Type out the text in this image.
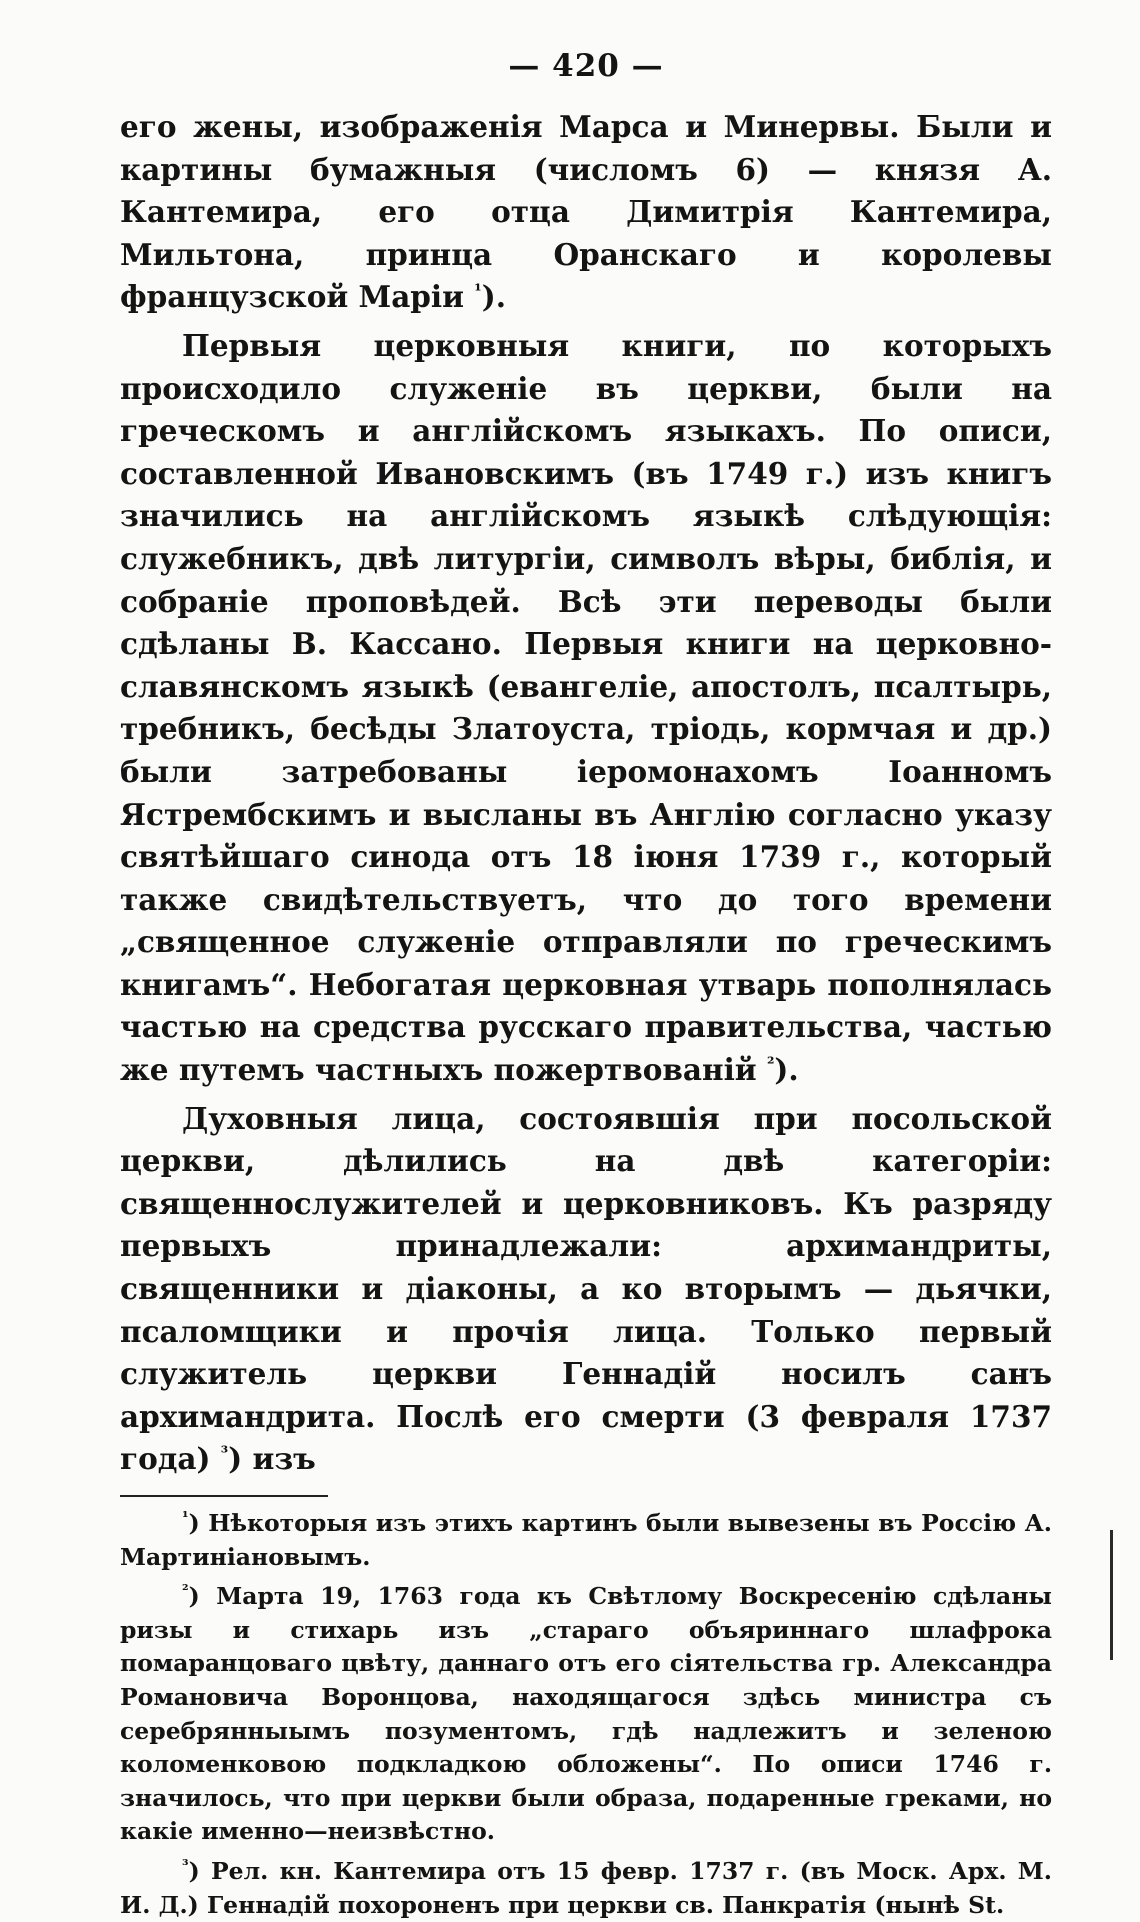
— 420 —

его жены, изображенія Марса и Минервы. Были и картины бумажныя (числомъ 6) — князя А. Кантемира, его отца Димитрія Кантемира, Мильтона, принца Оранскаго и королевы французской Маріи $^{^1}$).

Первыя церковныя книги, по которыхъ происходило служеніе въ церкви, были на греческомъ и англійскомъ языкахъ. По описи, составленной Ивановскимъ (въ 1749 г.) изъ книгъ значились на англійскомъ языкѣ слѣдующія: служебникъ, двѣ литургіи, символъ вѣры, библія, и собраніе проповѣдей. Всѣ эти переводы были сдѣланы В. Кассано. Первыя книги на церковно-славянскомъ языкѣ (евангеліе, апостолъ, псалтырь, требникъ, бесѣды Златоуста, тріодь, кормчая и др.) были затребованы іеромонахомъ Іоанномъ Ястрембскимъ и высланы въ Англію согласно указу святѣйшаго синода отъ 18 іюня 1739 г., который также свидѣтельствуетъ, что до того времени „священное служеніе отправляли по греческимъ книгамъ“. Небогатая церковная утварь пополнялась частью на средства русскаго правительства, частью же путемъ частныхъ пожертвованій $^{^2}$).

Духовныя лица, состоявшія при посольской церкви, дѣлились на двѣ категоріи: священнослужителей и церковниковъ. Къ разряду первыхъ принадлежали: архимандриты, священники и діаконы, а ко вторымъ — дьячки, псаломщики и прочія лица. Только первый служитель церкви Геннадій носилъ санъ архимандрита. Послѣ его смерти (3 февраля 1737 года) $^{^3}$) изъ

$^{^1}$) Нѣкоторыя изъ этихъ картинъ были вывезены въ Россію А. Мартиніановымъ.

$^{^2}$) Марта 19, 1763 года къ Свѣтлому Воскресенію сдѣланы ризы и стихарь изъ „стараго объяриннаго шлафрока помаранцоваго цвѣту, даннаго отъ его сіятельства гр. Александра Романовича Воронцова, находящагося здѣсь министра съ серебрянныымъ позументомъ, гдѣ надлежитъ и зеленою коломенковою подкладкою обложены“. По описи 1746 г. значилось, что при церкви были образа, подаренные греками, но какіе именно—неизвѣстно.

$^{^3}$) Рел. кн. Кантемира отъ 15 февр. 1737 г. (въ Моск. Арх. М. И. Д.) Геннадій похороненъ при церкви св. Панкратія (нынѣ St.
